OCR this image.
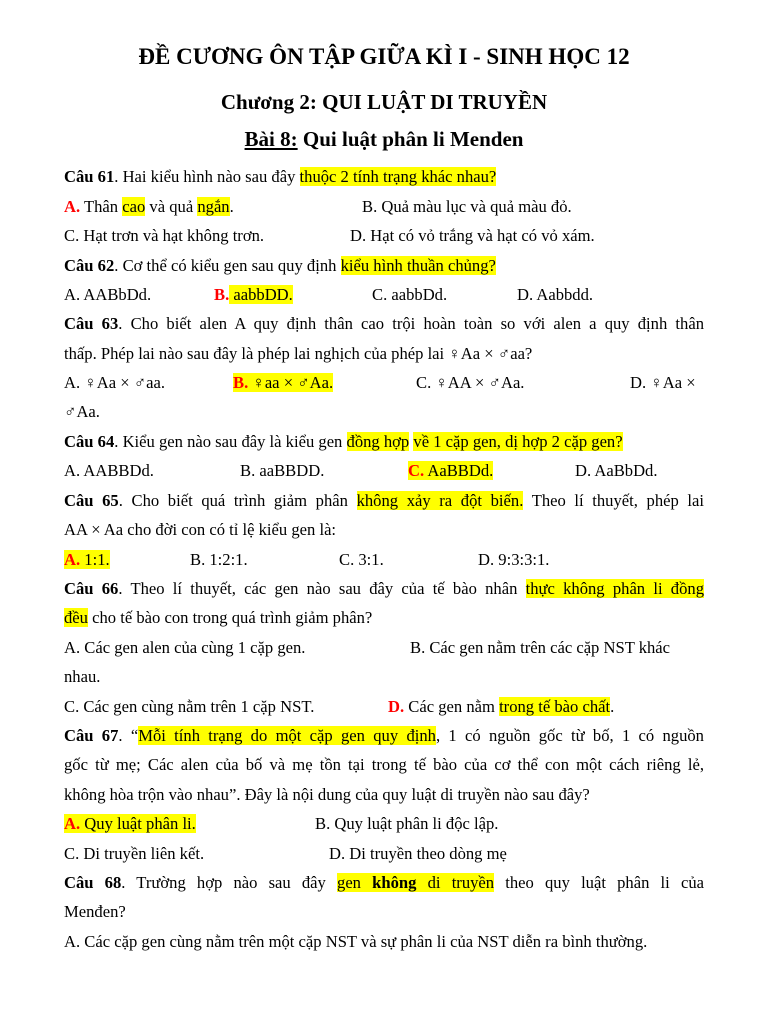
ĐỀ CƯƠNG ÔN TẬP GIỮA KÌ I - SINH HỌC 12
Chương 2: QUI LUẬT DI TRUYỀN
Bài 8: Qui luật phân li Menden
Câu 61. Hai kiểu hình nào sau đây thuộc 2 tính trạng khác nhau?
A. Thân cao và quả ngắn.	B. Quả màu lục và quả màu đỏ.
C. Hạt trơn và hạt không trơn.	D. Hạt có vỏ trắng và hạt có vỏ xám.
Câu 62. Cơ thể có kiểu gen sau quy định kiểu hình thuần chủng?
A. AABbDd.	B. aabbDD.	C. aabbDd.	D. Aabbdd.
Câu 63. Cho biết alen A quy định thân cao trội hoàn toàn so với alen a quy định thân
thấp. Phép lai nào sau đây là phép lai nghịch của phép lai ♀Aa × ♂aa?
A. ♀Aa × ♂aa.	B. ♀aa × ♂Aa.	C. ♀AA × ♂Aa.	D. ♀Aa ×
♂Aa.
Câu 64. Kiểu gen nào sau đây là kiểu gen đồng hợp về 1 cặp gen, dị hợp 2 cặp gen?
A. AABBDd.	B. aaBBDD.	C. AaBBDd.	D. AaBbDd.
Câu 65. Cho biết quá trình giảm phân không xảy ra đột biến. Theo lí thuyết, phép lai
AA × Aa cho đời con có tỉ lệ kiểu gen là:
A. 1:1.	B. 1:2:1.	C. 3:1.	D. 9:3:3:1.
Câu 66. Theo lí thuyết, các gen nào sau đây của tế bào nhân thực không phân li đồng
đều cho tế bào con trong quá trình giảm phân?
A. Các gen alen của cùng 1 cặp gen.	B. Các gen nằm trên các cặp NST khác
nhau.
C. Các gen cùng nằm trên 1 cặp NST.	D. Các gen nằm trong tế bào chất.
Câu 67. “Mỗi tính trạng do một cặp gen quy định, 1 có nguồn gốc từ bố, 1 có nguồn
gốc từ mẹ; Các alen của bố và mẹ tồn tại trong tế bào của cơ thể con một cách riêng lẻ,
không hòa trộn vào nhau”. Đây là nội dung của quy luật di truyền nào sau đây?
A. Quy luật phân li.	B. Quy luật phân li độc lập.
C. Di truyền liên kết.	D. Di truyền theo dòng mẹ
Câu 68. Trường hợp nào sau đây gen không di truyền theo quy luật phân li của
Menđen?
A. Các cặp gen cùng nằm trên một cặp NST và sự phân li của NST diễn ra bình thường.
